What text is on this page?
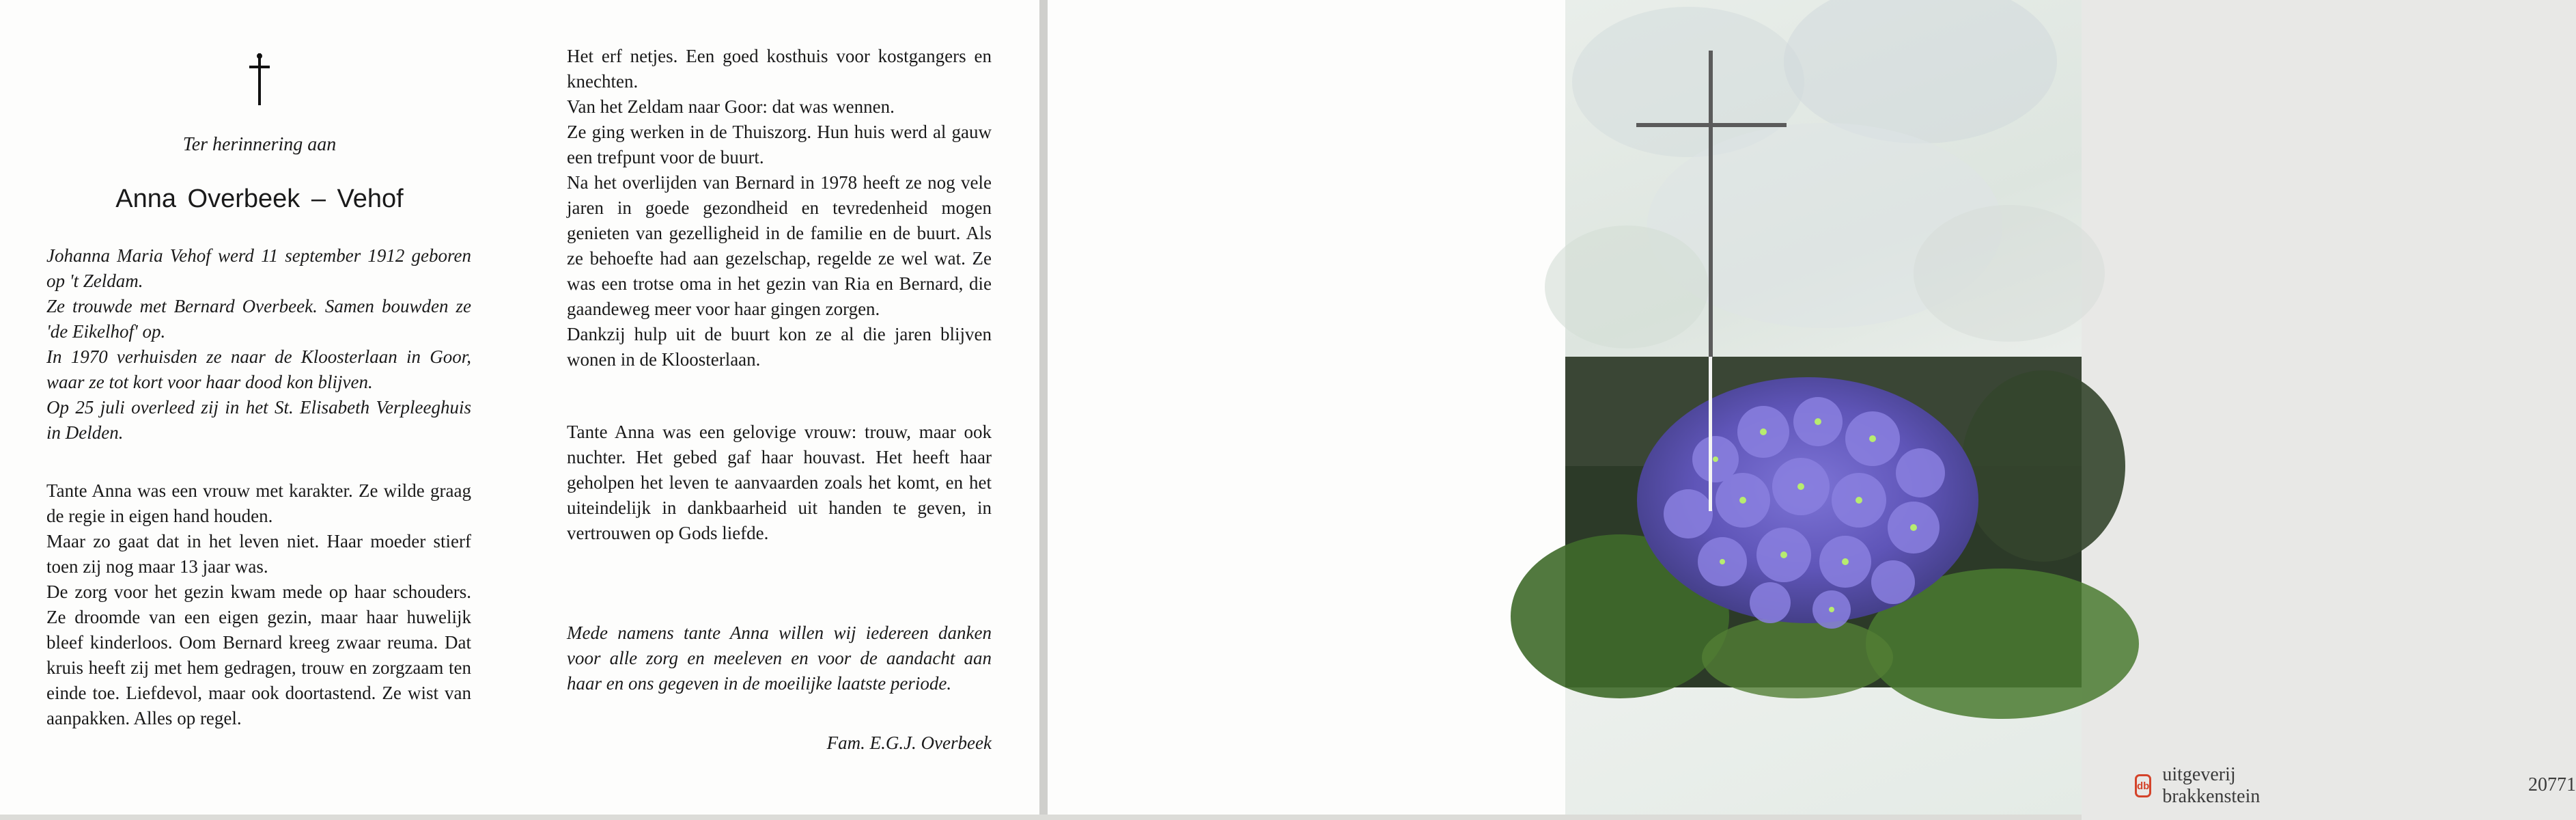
Ter herinnering aan
Anna Overbeek – Vehof

Johanna Maria Vehof werd 11 september 1912 geboren op 't Zeldam.

Ze trouwde met Bernard Overbeek. Samen bouwden ze 'de Eikelhof' op.

In 1970 verhuisden ze naar de Kloosterlaan in Goor, waar ze tot kort voor haar dood kon blijven.

Op 25 juli overleed zij in het St. Elisabeth Verpleeghuis in Delden.

Tante Anna was een vrouw met karakter. Ze wilde graag de regie in eigen hand houden.

Maar zo gaat dat in het leven niet. Haar moeder stierf toen zij nog maar 13 jaar was.

De zorg voor het gezin kwam mede op haar schouders. Ze droomde van een eigen gezin, maar haar huwelijk bleef kinderloos. Oom Bernard kreeg zwaar reuma. Dat kruis heeft zij met hem gedragen, trouw en zorgzaam ten einde toe. Liefdevol, maar ook doortastend. Ze wist van aanpakken. Alles op regel.

Het erf netjes. Een goed kosthuis voor kostgangers en knechten.

Van het Zeldam naar Goor: dat was wennen.

Ze ging werken in de Thuiszorg. Hun huis werd al gauw een trefpunt voor de buurt.

Na het overlijden van Bernard in 1978 heeft ze nog vele jaren in goede gezondheid en tevredenheid mogen genieten van gezelligheid in de familie en de buurt. Als ze behoefte had aan gezelschap, regelde ze wel wat. Ze was een trotse oma in het gezin van Ria en Bernard, die gaandeweg meer voor haar gingen zorgen.

Dankzij hulp uit de buurt kon ze al die jaren blijven wonen in de Kloosterlaan.

Tante Anna was een gelovige vrouw: trouw, maar ook nuchter. Het gebed gaf haar houvast. Het heeft haar geholpen het leven te aanvaarden zoals het komt, en het uiteindelijk in dankbaarheid uit handen te geven, in vertrouwen op Gods liefde.

Mede namens tante Anna willen wij iedereen danken voor alle zorg en meeleven en voor de aandacht aan haar en ons gegeven in de moeilijke laatste periode.

Fam. E.G.J. Overbeek
db
uitgeverij brakkenstein
20771
